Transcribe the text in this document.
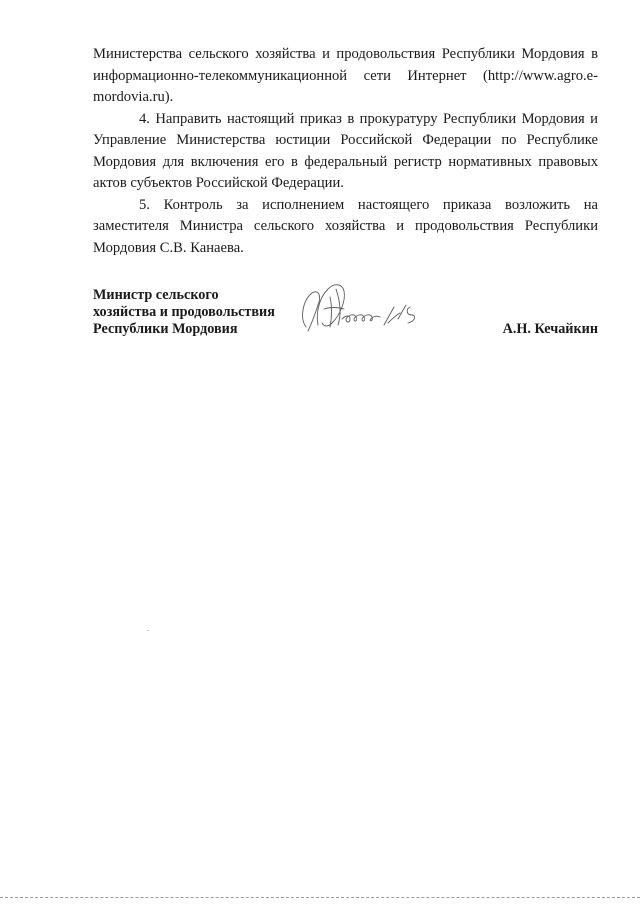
Министерства сельского хозяйства и продовольствия Республики Мордовия в информационно-телекоммуникационной сети Интернет (http://www.agro.e-mordovia.ru).

4. Направить настоящий приказ в прокуратуру Республики Мордовия и Управление Министерства юстиции Российской Федерации по Республике Мордовия для включения его в федеральный регистр нормативных правовых актов субъектов Российской Федерации.

5. Контроль за исполнением настоящего приказа возложить на заместителя Министра сельского хозяйства и продовольствия Республики Мордовия С.В. Канаева.

Министр сельского
хозяйства и продовольствия
Республики Мордовия	А.Н. Кечайкин
